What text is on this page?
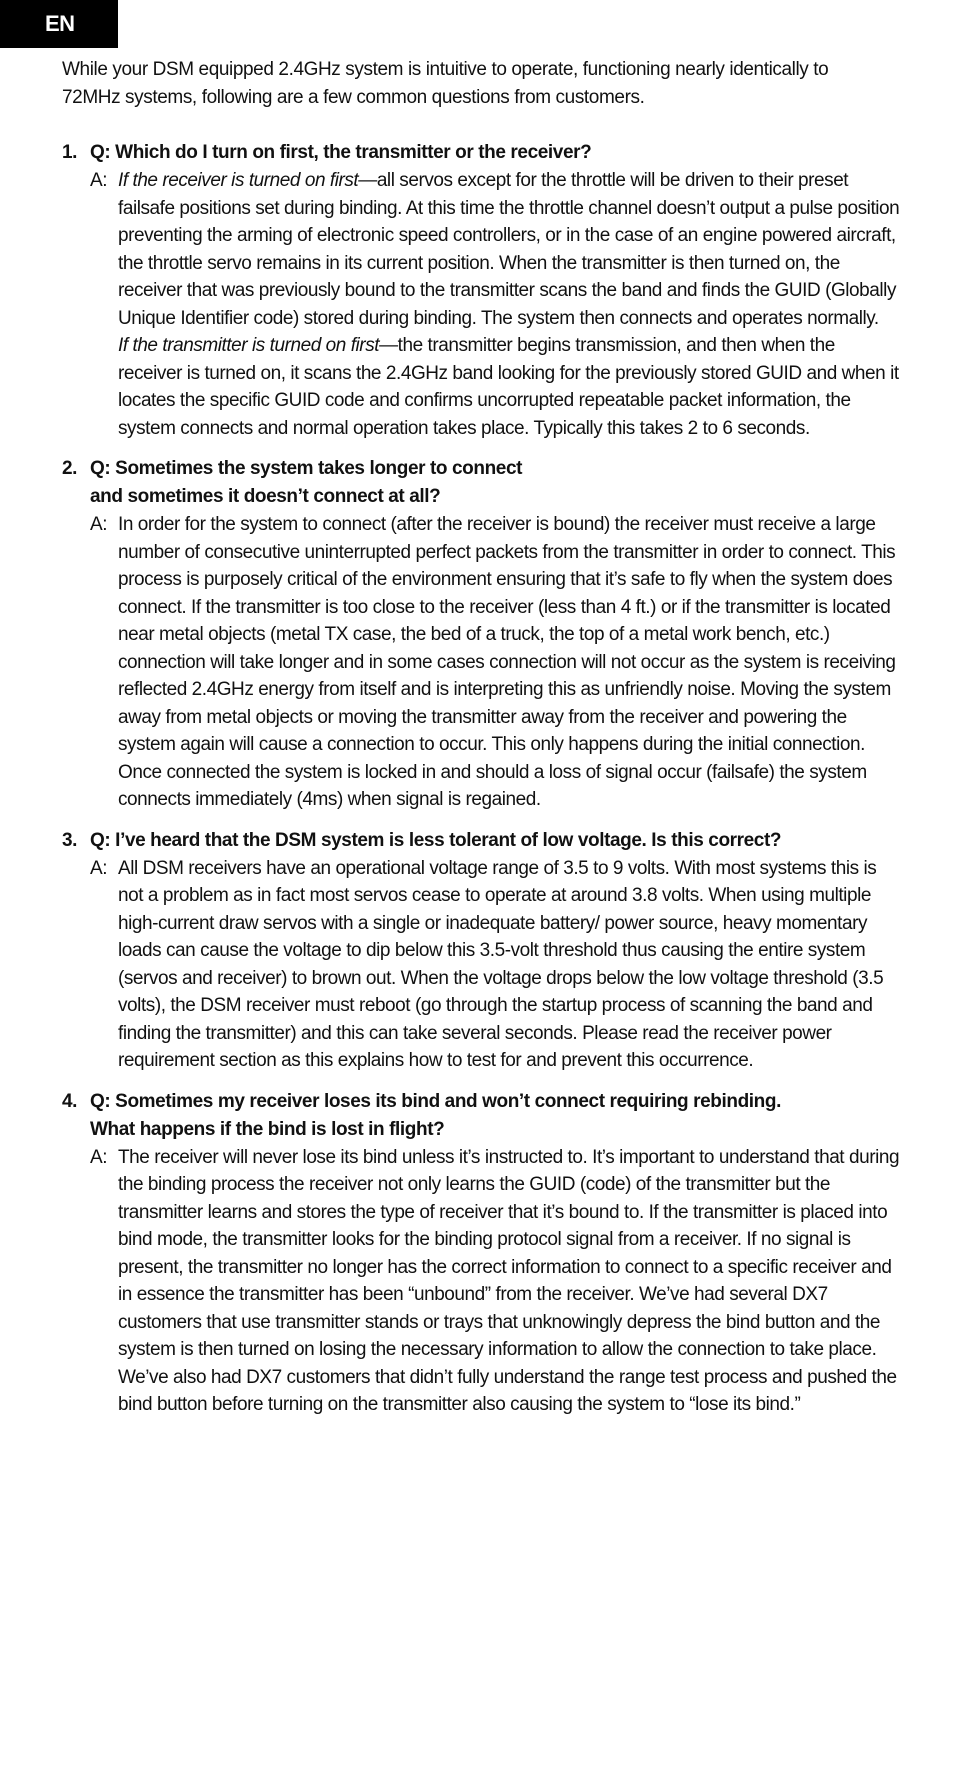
EN

While your DSM equipped 2.4GHz system is intuitive to operate, functioning nearly identically to 72MHz systems, following are a few common questions from customers.

1. Q: Which do I turn on first, the transmitter or the receiver?
A: If the receiver is turned on first—all servos except for the throttle will be driven to their preset failsafe positions set during binding. At this time the throttle channel doesn’t output a pulse position preventing the arming of electronic speed controllers, or in the case of an engine powered aircraft, the throttle servo remains in its current position. When the transmitter is then turned on, the receiver that was previously bound to the transmitter scans the band and finds the GUID (Globally Unique Identifier code) stored during binding. The system then connects and operates normally.

If the transmitter is turned on first—the transmitter begins transmission, and then when the receiver is turned on, it scans the 2.4GHz band looking for the previously stored GUID and when it locates the specific GUID code and confirms uncorrupted repeatable packet information, the system connects and normal operation takes place. Typically this takes 2 to 6 seconds.

2. Q: Sometimes the system takes longer to connect
and sometimes it doesn’t connect at all?
A: In order for the system to connect (after the receiver is bound) the receiver must receive a large number of consecutive uninterrupted perfect packets from the transmitter in order to connect. This process is purposely critical of the environment ensuring that it’s safe to fly when the system does connect. If the transmitter is too close to the receiver (less than 4 ft.) or if the transmitter is located near metal objects (metal TX case, the bed of a truck, the top of a metal work bench, etc.) connection will take longer and in some cases connection will not occur as the system is receiving reflected 2.4GHz energy from itself and is interpreting this as unfriendly noise. Moving the system away from metal objects or moving the transmitter away from the receiver and powering the system again will cause a connection to occur. This only happens during the initial connection. Once connected the system is locked in and should a loss of signal occur (failsafe) the system connects immediately (4ms) when signal is regained.
3. Q: I’ve heard that the DSM system is less tolerant of low voltage. Is this correct?
A: All DSM receivers have an operational voltage range of 3.5 to 9 volts. With most systems this is not a problem as in fact most servos cease to operate at around 3.8 volts. When using multiple high-current draw servos with a single or inadequate battery/ power source, heavy momentary loads can cause the voltage to dip below this 3.5-volt threshold thus causing the entire system (servos and receiver) to brown out. When the voltage drops below the low voltage threshold (3.5 volts), the DSM receiver must reboot (go through the startup process of scanning the band and finding the transmitter) and this can take several seconds. Please read the receiver power requirement section as this explains how to test for and prevent this occurrence.
4. Q: Sometimes my receiver loses its bind and won’t connect requiring rebinding.
What happens if the bind is lost in flight?
A: The receiver will never lose its bind unless it’s instructed to. It’s important to understand that during the binding process the receiver not only learns the GUID (code) of the transmitter but the transmitter learns and stores the type of receiver that it’s bound to. If the transmitter is placed into bind mode, the transmitter looks for the binding protocol signal from a receiver. If no signal is present, the transmitter no longer has the correct information to connect to a specific receiver and in essence the transmitter has been “unbound” from the receiver. We’ve had several DX7 customers that use transmitter stands or trays that unknowingly depress the bind button and the system is then turned on losing the necessary information to allow the connection to take place. We’ve also had DX7 customers that didn’t fully understand the range test process and pushed the bind button before turning on the transmitter also causing the system to “lose its bind.”
